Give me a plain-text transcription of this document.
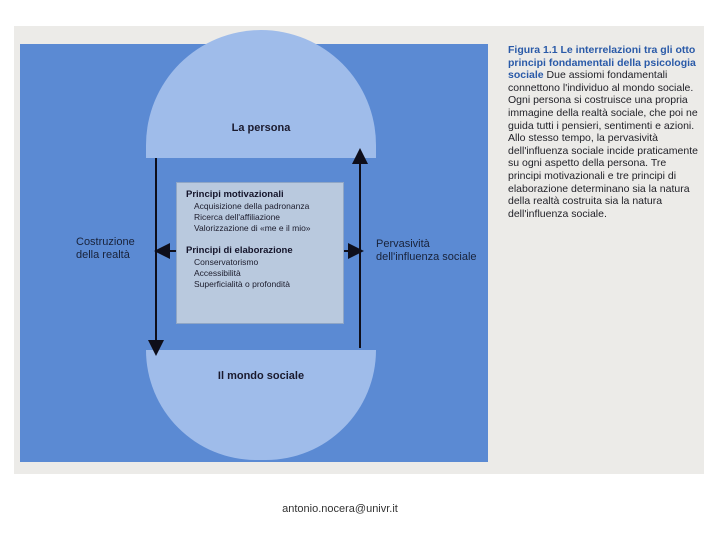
La persona
Il mondo sociale
Principi motivazionali
Acquisizione della padronanza
Ricerca dell'affiliazione
Valorizzazione di «me e il mio»
Principi di elaborazione
Conservatorismo
Accessibilità
Superficialità o profondità
Costruzione
della realtà
Pervasività
dell'influenza sociale
Figura 1.1 Le interrelazioni tra gli otto principi fondamentali della psicologia sociale Due assiomi fondamentali connettono l'individuo al mondo sociale. Ogni persona si costruisce una propria immagine della realtà sociale, che poi ne guida tutti i pensieri, sentimenti e azioni. Allo stesso tempo, la pervasività dell'influenza sociale incide praticamente su ogni aspetto della persona. Tre principi motivazionali e tre principi di elaborazione determinano sia la natura della realtà costruita sia la natura dell'influenza sociale.
antonio.nocera@univr.it
